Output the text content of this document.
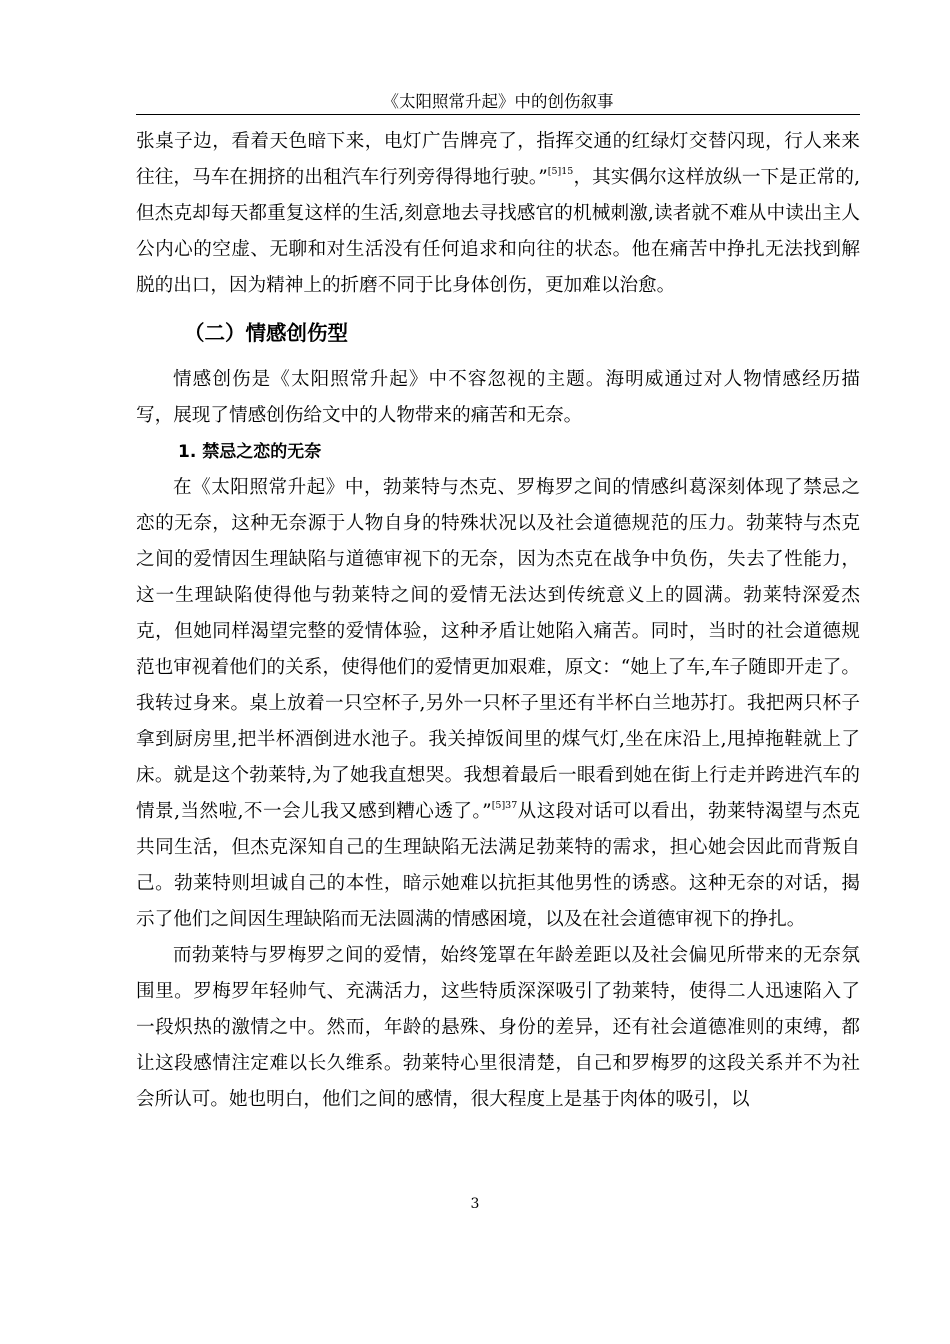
《太阳照常升起》中的创伤叙事

张桌子边，看着天色暗下来，电灯广告牌亮了，指挥交通的红绿灯交替闪现，行人来来往往，马车在拥挤的出租汽车行列旁得得地行驶。”$^{[5]15}$，其实偶尔这样放纵一下是正常的,但杰克却每天都重复这样的生活,刻意地去寻找感官的机械刺激,读者就不难从中读出主人公内心的空虚、无聊和对生活没有任何追求和向往的状态。他在痛苦中挣扎无法找到解脱的出口，因为精神上的折磨不同于比身体创伤，更加难以治愈。

（二）情感创伤型

情感创伤是《太阳照常升起》中不容忽视的主题。海明威通过对人物情感经历描写，展现了情感创伤给文中的人物带来的痛苦和无奈。

1. 禁忌之恋的无奈

在《太阳照常升起》中，勃莱特与杰克、罗梅罗之间的情感纠葛深刻体现了禁忌之恋的无奈，这种无奈源于人物自身的特殊状况以及社会道德规范的压力。勃莱特与杰克之间的爱情因生理缺陷与道德审视下的无奈，因为杰克在战争中负伤，失去了性能力，这一生理缺陷使得他与勃莱特之间的爱情无法达到传统意义上的圆满。勃莱特深爱杰克，但她同样渴望完整的爱情体验，这种矛盾让她陷入痛苦。同时，当时的社会道德规范也审视着他们的关系，使得他们的爱情更加艰难，原文：“她上了车,车子随即开走了。我转过身来。桌上放着一只空杯子,另外一只杯子里还有半杯白兰地苏打。我把两只杯子拿到厨房里,把半杯酒倒进水池子。我关掉饭间里的煤气灯,坐在床沿上,甩掉拖鞋就上了床。就是这个勃莱特,为了她我直想哭。我想着最后一眼看到她在街上行走并跨进汽车的情景,当然啦,不一会儿我又感到糟心透了。”$^{[5]37}$从这段对话可以看出，勃莱特渴望与杰克共同生活，但杰克深知自己的生理缺陷无法满足勃莱特的需求，担心她会因此而背叛自己。勃莱特则坦诚自己的本性，暗示她难以抗拒其他男性的诱惑。这种无奈的对话，揭示了他们之间因生理缺陷而无法圆满的情感困境，以及在社会道德审视下的挣扎。

而勃莱特与罗梅罗之间的爱情，始终笼罩在年龄差距以及社会偏见所带来的无奈氛围里。罗梅罗年轻帅气、充满活力，这些特质深深吸引了勃莱特，使得二人迅速陷入了一段炽热的激情之中。然而，年龄的悬殊、身份的差异，还有社会道德准则的束缚，都让这段感情注定难以长久维系。勃莱特心里很清楚，自己和罗梅罗的这段关系并不为社会所认可。她也明白，他们之间的感情，很大程度上是基于肉体的吸引，以

3
